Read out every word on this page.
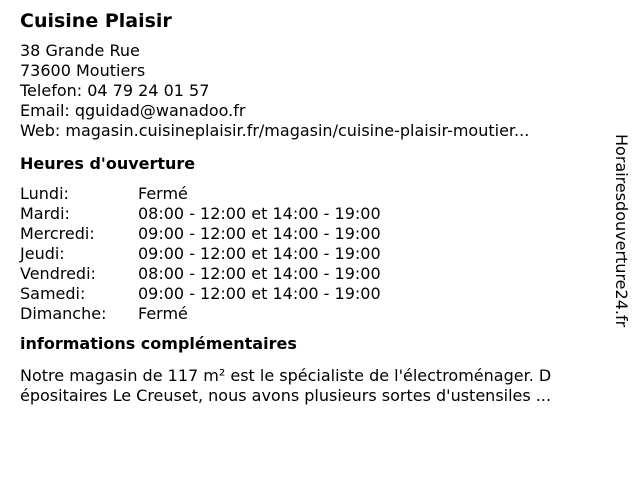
Cuisine Plaisir
38 Grande Rue
73600 Moutiers
Telefon: 04 79 24 01 57
Email: qguidad@wanadoo.fr
Web: magasin.cuisineplaisir.fr/magasin/cuisine-plaisir-moutier...
Heures d'ouverture
Lundi:	Fermé
Mardi:	08:00 - 12:00 et 14:00 - 19:00
Mercredi:	09:00 - 12:00 et 14:00 - 19:00
Jeudi:	09:00 - 12:00 et 14:00 - 19:00
Vendredi:	08:00 - 12:00 et 14:00 - 19:00
Samedi:	09:00 - 12:00 et 14:00 - 19:00
Dimanche:	Fermé
informations complémentaires
Notre magasin de 117 m² est le spécialiste de l'électroménager. D
épositaires Le Creuset, nous avons plusieurs sortes d'ustensiles ...
Horairesdouverture24.fr
